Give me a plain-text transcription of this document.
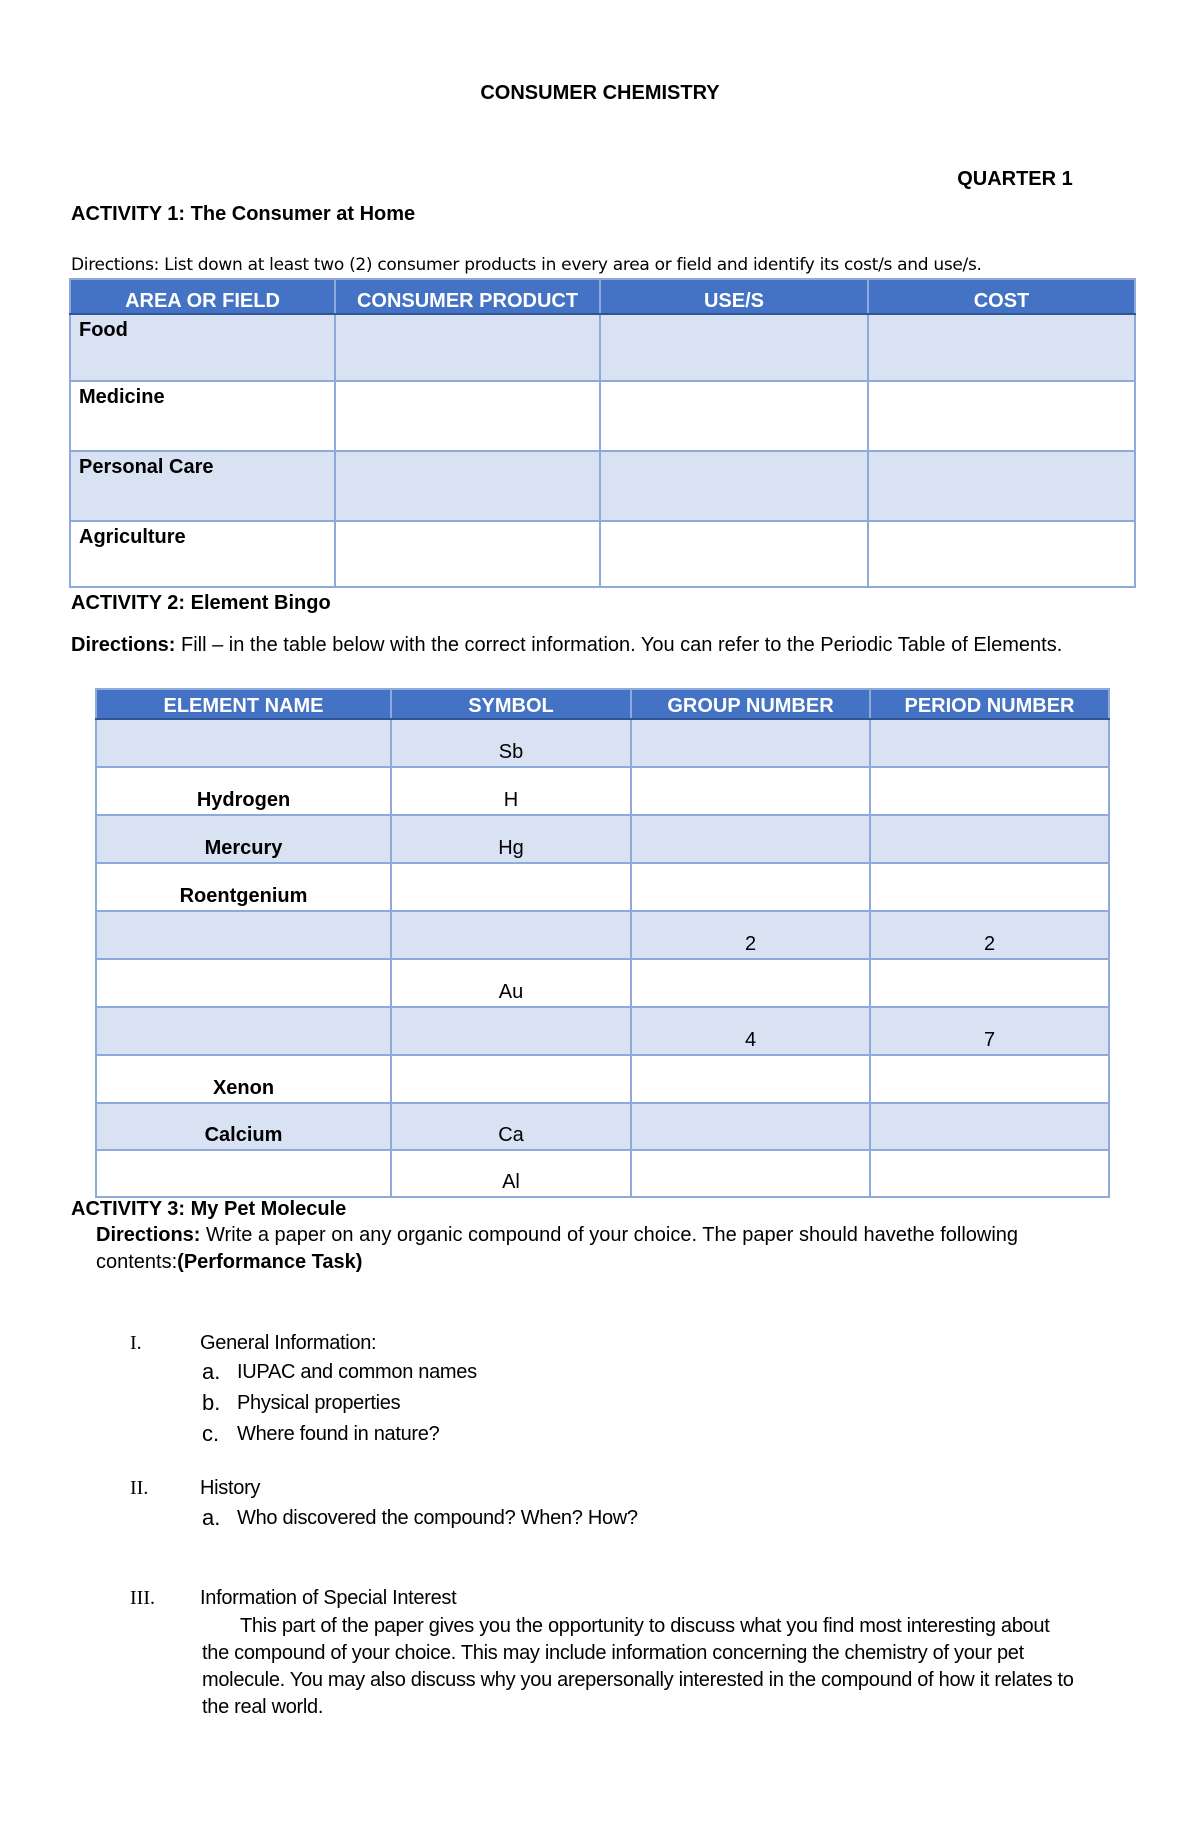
CONSUMER CHEMISTRY
QUARTER 1
ACTIVITY 1: The Consumer at Home
Directions: List down at least two (2) consumer products in every area or field and identify its cost/s and use/s.
AREA OR FIELD	CONSUMER PRODUCT	USE/S	COST
Food			
Medicine			
Personal Care			
Agriculture			
ACTIVITY 2: Element Bingo
Directions: Fill – in the table below with the correct information. You can refer to the Periodic Table of Elements.
ELEMENT NAME	SYMBOL	GROUP NUMBER	PERIOD NUMBER
	Sb		
Hydrogen	H		
Mercury	Hg		
Roentgenium			
		2	2
	Au		
		4	7
Xenon			
Calcium	Ca		
	Al		
ACTIVITY 3: My Pet Molecule
Directions: Write a paper on any organic compound of your choice. The paper should havethe following
contents:(Performance Task)
I.	General Information:
a. IUPAC and common names
b. Physical properties
c. Where found in nature?
II.	History
a. Who discovered the compound? When? How?
III. Information of Special Interest
This part of the paper gives you the opportunity to discuss what you find most interesting about
the compound of your choice. This may include information concerning the chemistry of your pet
molecule. You may also discuss why you arepersonally interested in the compound of how it relates to
the real world.
